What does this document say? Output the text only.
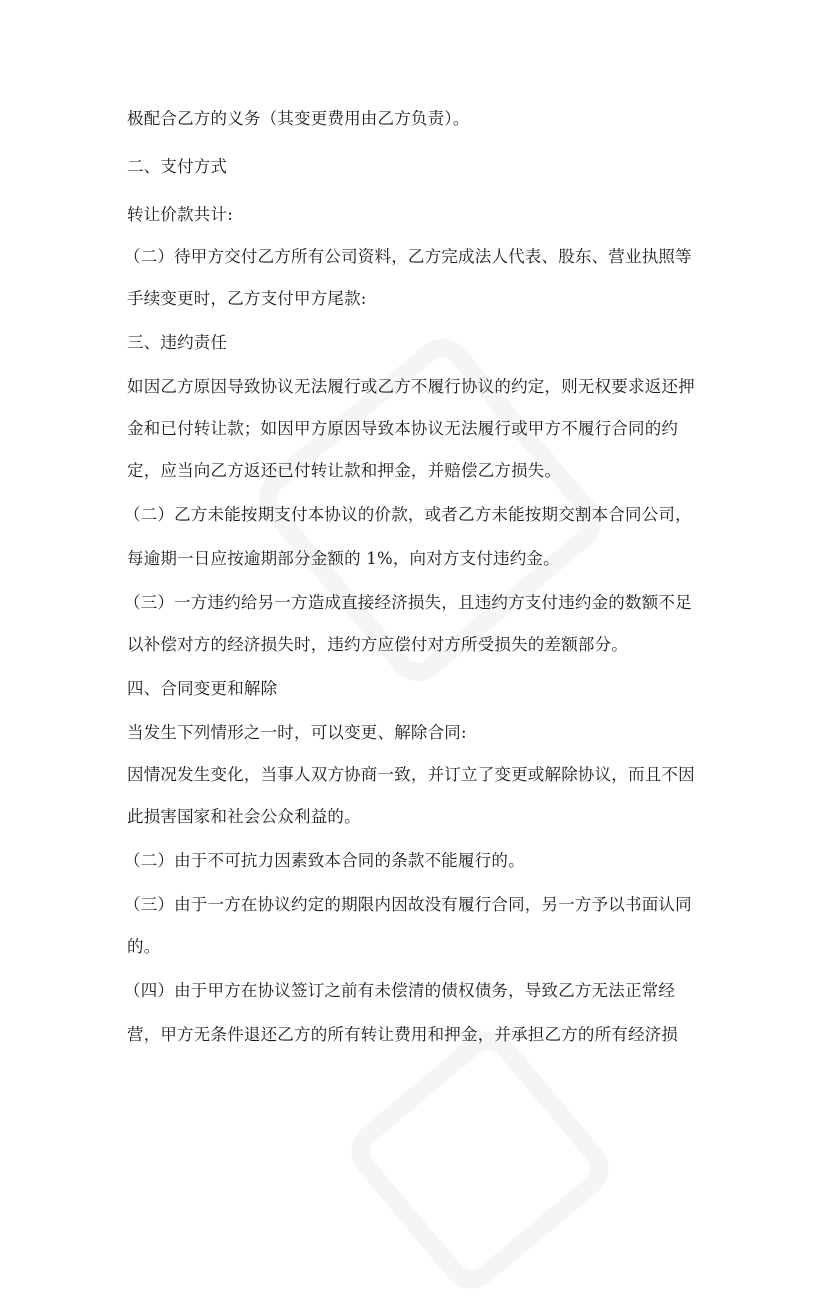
极配合乙方的义务（其变更费用由乙方负责）。
二、支付方式
转让价款共计:
（二）待甲方交付乙方所有公司资料，乙方完成法人代表、股东、营业执照等
手续变更时，乙方支付甲方尾款:
三、违约责任
如因乙方原因导致协议无法履行或乙方不履行协议的约定，则无权要求返还押
金和已付转让款；如因甲方原因导致本协议无法履行或甲方不履行合同的约
定，应当向乙方返还已付转让款和押金，并赔偿乙方损失。
（二）乙方未能按期支付本协议的价款，或者乙方未能按期交割本合同公司，
每逾期一日应按逾期部分金额的 1%，向对方支付违约金。
（三）一方违约给另一方造成直接经济损失，且违约方支付违约金的数额不足
以补偿对方的经济损失时，违约方应偿付对方所受损失的差额部分。
四、合同变更和解除
当发生下列情形之一时，可以变更、解除合同:
因情况发生变化，当事人双方协商一致，并订立了变更或解除协议，而且不因
此损害国家和社会公众利益的。
（二）由于不可抗力因素致本合同的条款不能履行的。
（三）由于一方在协议约定的期限内因故没有履行合同，另一方予以书面认同
的。
（四）由于甲方在协议签订之前有未偿清的债权债务，导致乙方无法正常经
营，甲方无条件退还乙方的所有转让费用和押金，并承担乙方的所有经济损
